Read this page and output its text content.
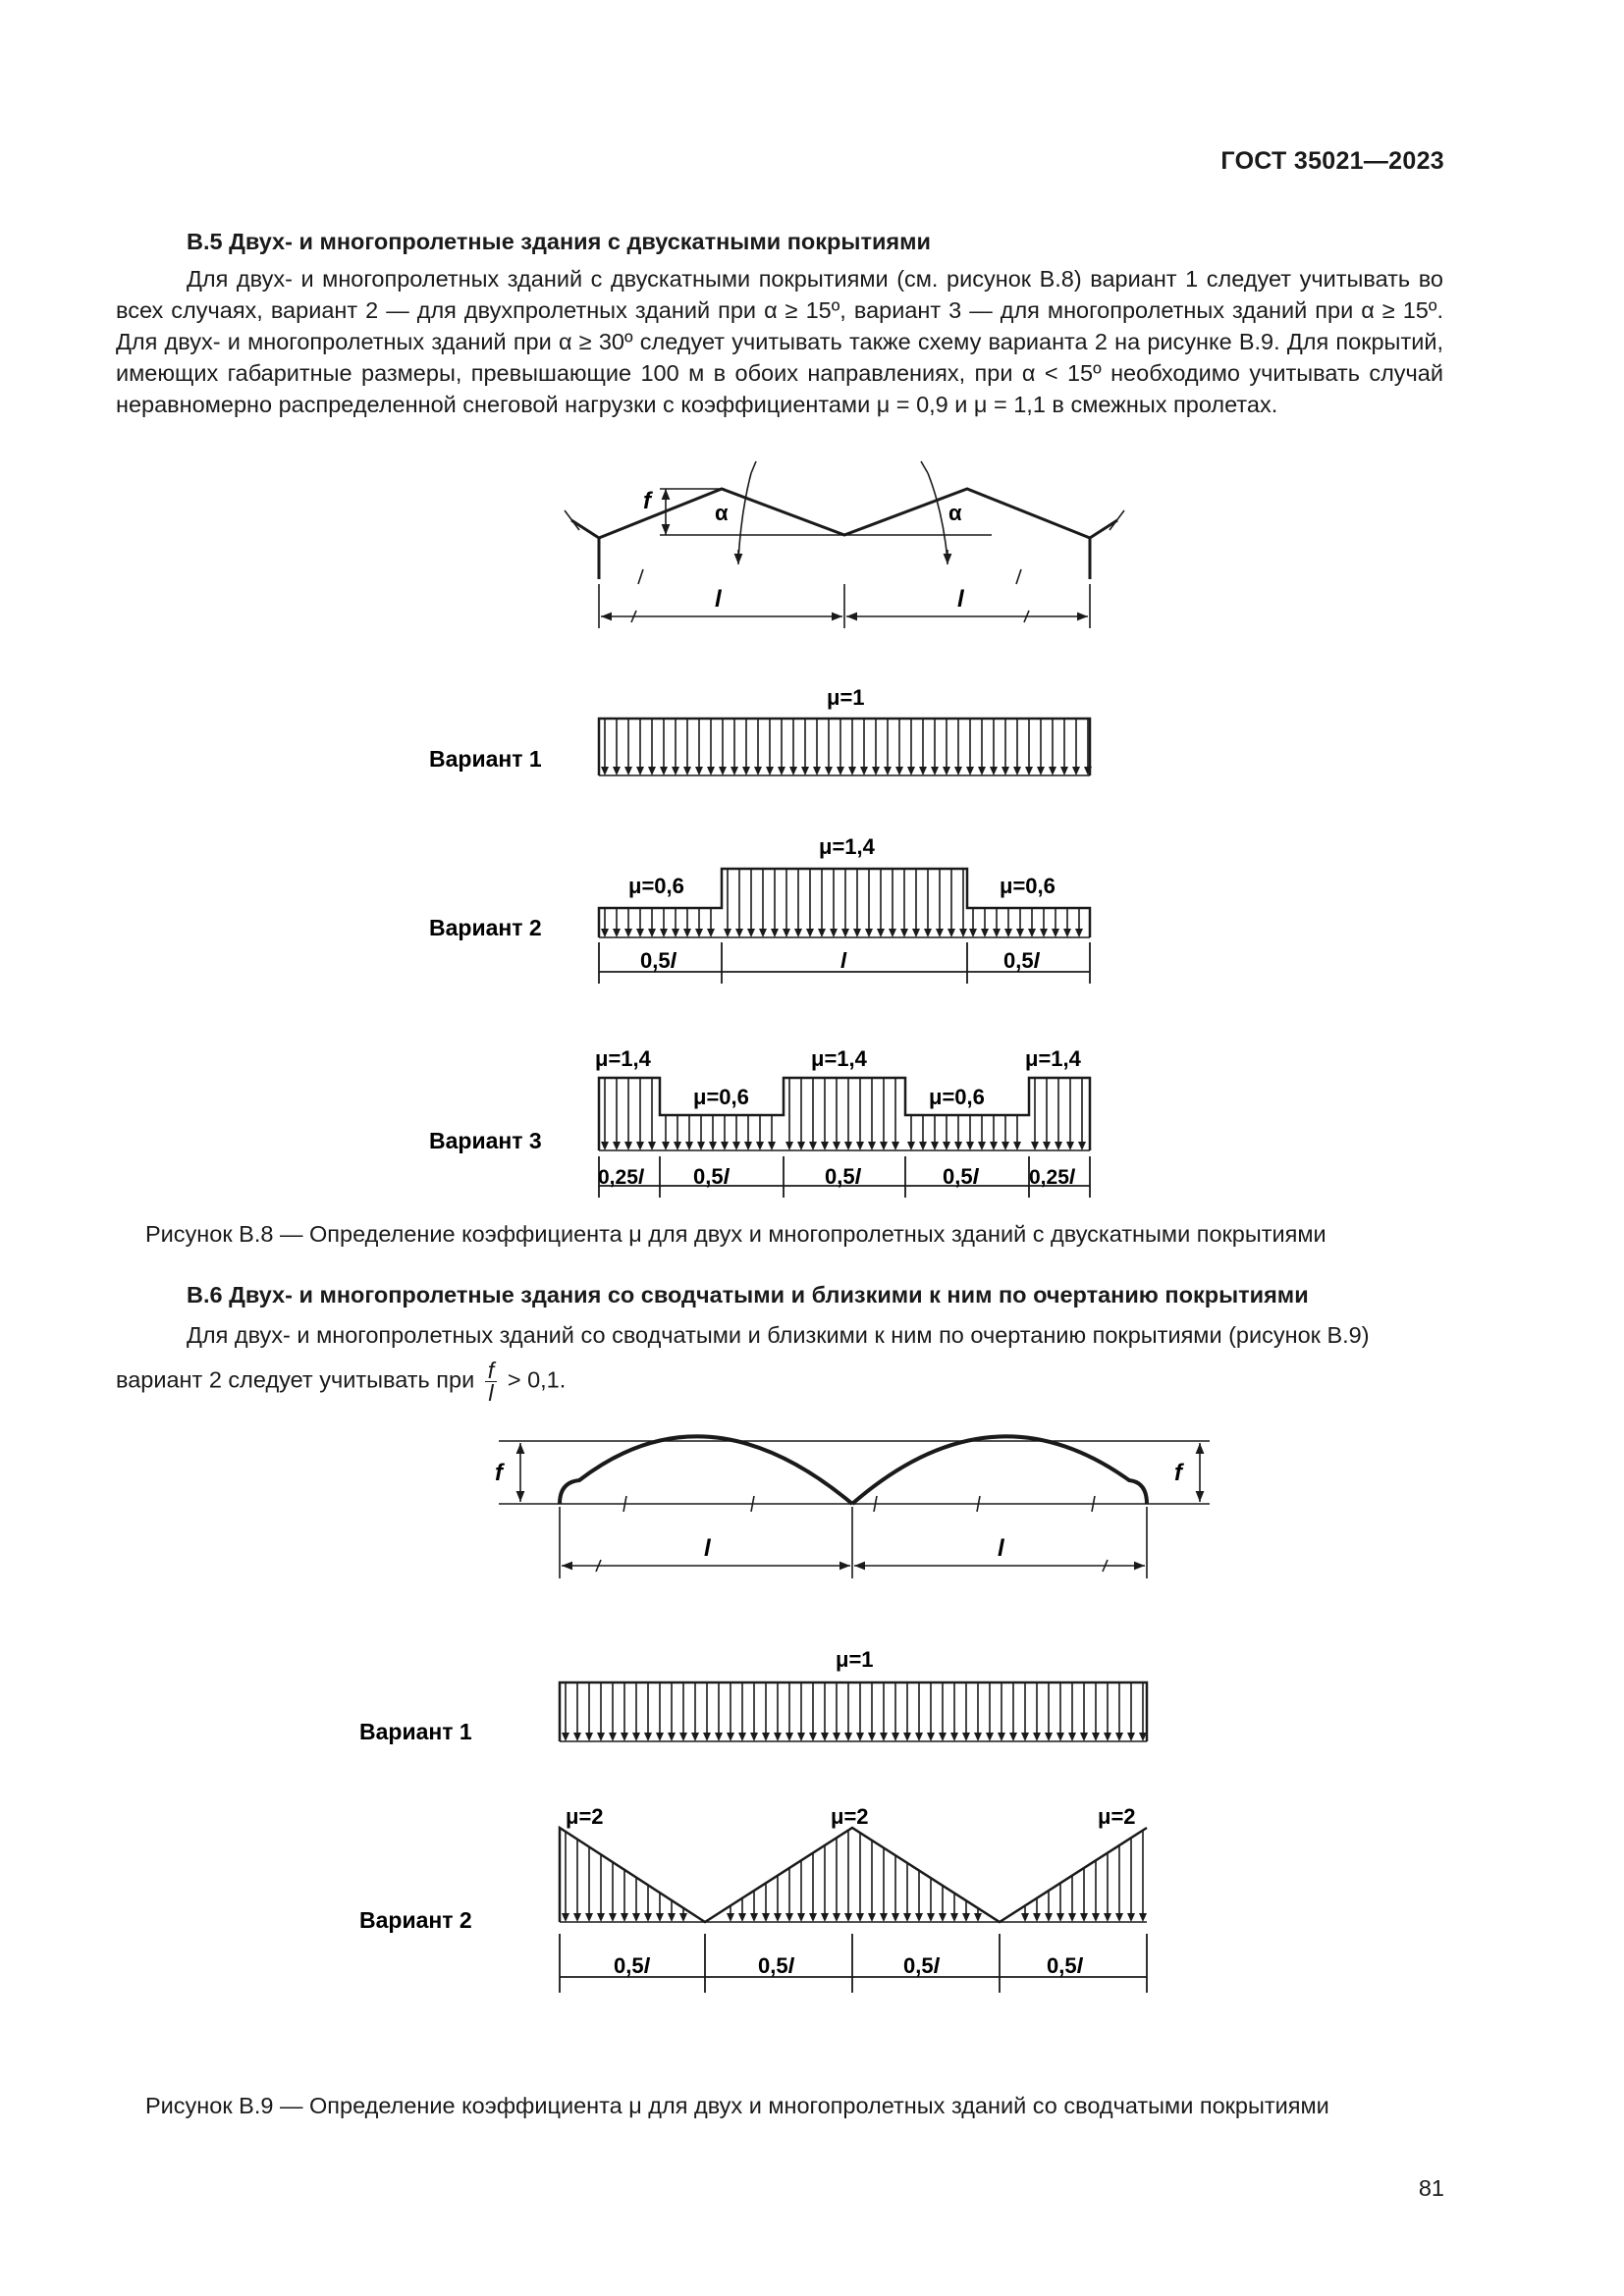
ГОСТ 35021—2023
В.5 Двух- и многопролетные здания с двускатными покрытиями

Для двух- и многопролетных зданий с двускатными покрытиями (см. рисунок В.8) вариант 1 следует учитывать во всех случаях, вариант 2 — для двухпролетных зданий при α ≥ 15º, вариант 3 — для многопролетных зданий при α ≥ 15º. Для двух- и многопролетных зданий при α ≥ 30º следует учитывать также схему варианта 2 на рисунке В.9. Для покрытий, имеющих габаритные размеры, превышающие 100 м в обоих направлениях, при α < 15º необходимо учитывать случай неравномерно распределенной снеговой нагрузки с коэффициентами μ = 0,9 и μ = 1,1 в смежных пролетах.

f	α	α
l	l
Вариант 1
μ=1
Вариант 2
μ=0,6
μ=1,4
μ=0,6
0,5l	l	0,5l
Вариант 3
μ=1,4
μ=0,6
μ=1,4
μ=0,6
μ=1,4
0,25l 0,5l	0,5l	0,5l 0,25l
Рисунок В.8 — Определение коэффициента μ для двух и многопролетных зданий с двускатными покрытиями
В.6 Двух- и многопролетные здания со сводчатыми и близкими к ним по очертанию покрытиями

Для двух- и многопролетных зданий со сводчатыми и близкими к ним по очертанию покрытиями (рисунок В.9)

вариант 2 следует учитывать при $\frac{f}{l} > 0,1$.
f	f
l	l
Вариант 1
μ=1
Вариант 2
μ=2	μ=2	μ=2
0,5l	0,5l	0,5l	0,5l
Рисунок В.9 — Определение коэффициента μ для двух и многопролетных зданий со сводчатыми покрытиями
81
